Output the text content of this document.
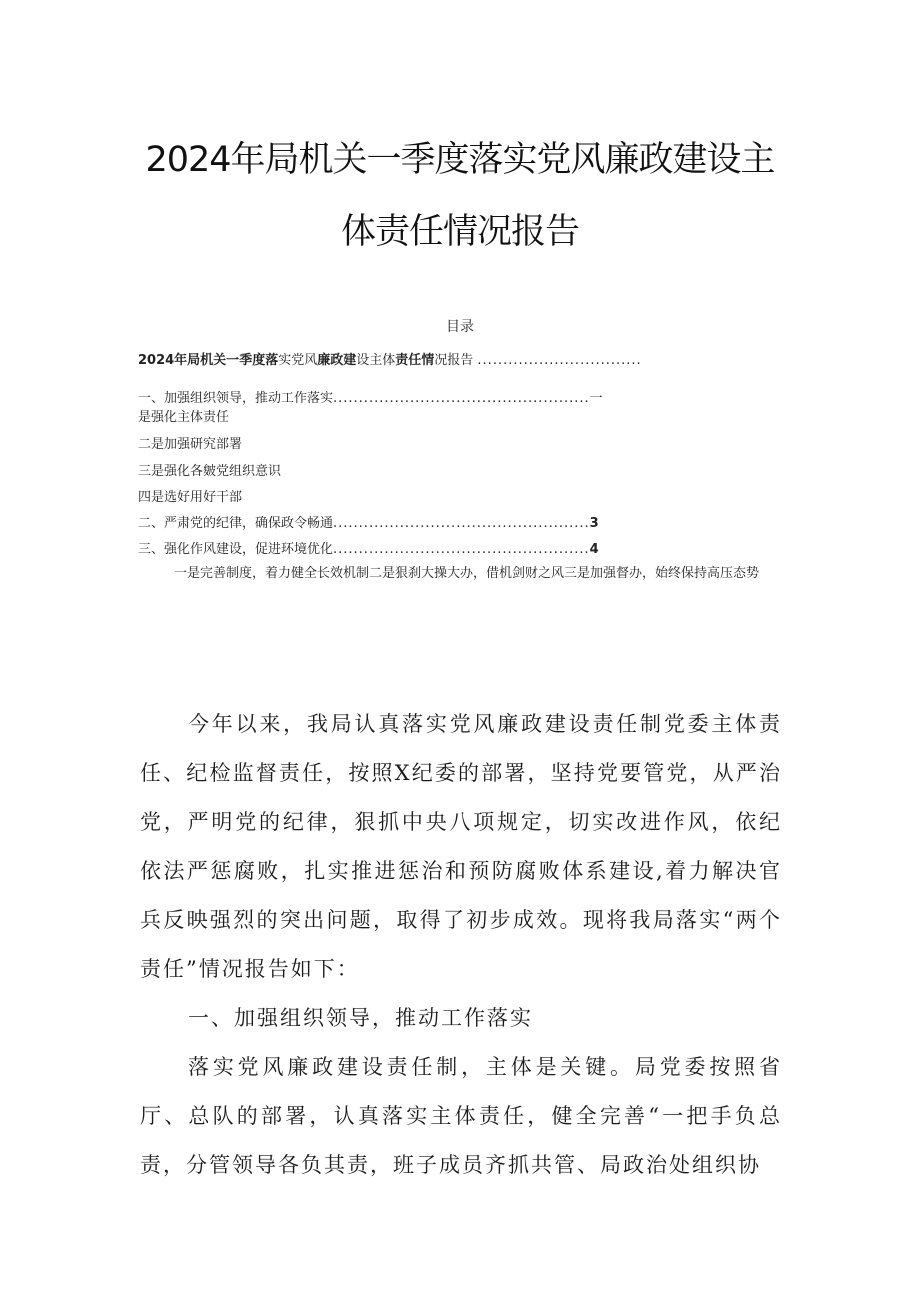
2024年局机关一季度落实党风廉政建设主
体责任情况报告
目录
2024年局机关一季度落实党风廉政建设主体责任情况报告 ................................
一、加强组织领导，推动工作落实..................................................一
是强化主体责任
二是加强研究部署
三是强化各皴党组织意识
四是选好用好干部
二、严肃党的纪律，确保政令畅通..................................................3
三、强化作风建设，促进环境优化..................................................4
一是完善制度，着力健全长效机制二是狠刹大操大办，借机剑财之风三是加强督办，始终保持高压态势

今年以来，我局认真落实党风廉政建设责任制党委主体责任、纪检监督责任，按照X纪委的部署，坚持党要管党，从严治党，严明党的纪律，狠抓中央八项规定，切实改进作风，依纪依法严惩腐败，扎实推进惩治和预防腐败体系建设,着力解决官兵反映强烈的突出问题，取得了初步成效。现将我局落实“两个责任”情况报告如下：

一、加强组织领导，推动工作落实

落实党风廉政建设责任制，主体是关键。局党委按照省厅、总队的部署，认真落实主体责任，健全完善“一把手负总责，分管领导各负其责，班子成员齐抓共管、局政治处组织协
